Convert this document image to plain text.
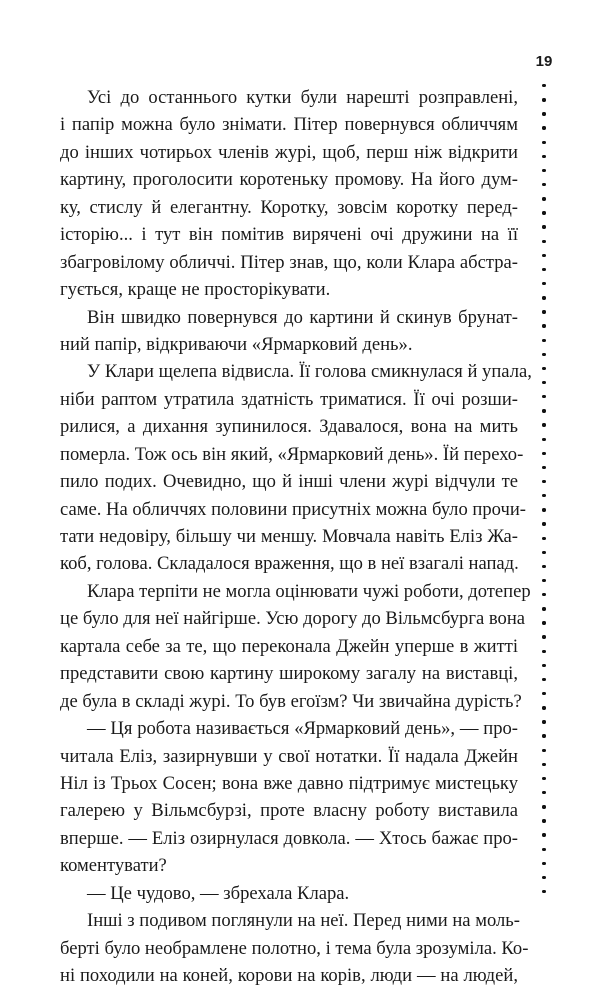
19
Усі до останнього кутки були нарешті розправлені,
і папір можна було знімати. Пітер повернувся обличчям
до інших чотирьох членів журі, щоб, перш ніж відкрити
картину, проголосити коротеньку промову. На його дум-
ку, стислу й елегантну. Коротку, зовсім коротку перед-
історію... і тут він помітив вирячені очі дружини на її
збагровілому обличчі. Пітер знав, що, коли Клара абстра-
гується, краще не просторікувати.
Він швидко повернувся до картини й скинув брунат-
ний папір, відкриваючи «Ярмарковий день».
У Клари щелепа відвисла. Її голова смикнулася й упала,
ніби раптом утратила здатність триматися. Її очі розши-
рилися, а дихання зупинилося. Здавалося, вона на мить
померла. Тож ось він який, «Ярмарковий день». Їй перехо-
пило подих. Очевидно, що й інші члени журі відчули те
саме. На обличчях половини присутніх можна було прочи-
тати недовіру, більшу чи меншу. Мовчала навіть Еліз Жа-
коб, голова. Складалося враження, що в неї взагалі напад.
Клара терпіти не могла оцінювати чужі роботи, дотепер
це було для неї найгірше. Усю дорогу до Вільмсбурга вона
картала себе за те, що переконала Джейн уперше в житті
представити свою картину широкому загалу на виставці,
де була в складі журі. То був егоїзм? Чи звичайна дурість?
— Ця робота називається «Ярмарковий день», — про-
читала Еліз, зазирнувши у свої нотатки. Її надала Джейн
Ніл із Трьох Сосен; вона вже давно підтримує мистецьку
галерею у Вільмсбурзі, проте власну роботу виставила
вперше. — Еліз озирнулася довкола. — Хтось бажає про-
коментувати?
— Це чудово, — збрехала Клара.
Інші з подивом поглянули на неї. Перед ними на моль-
берті було необрамлене полотно, і тема була зрозуміла. Ко-
ні походили на коней, корови на корів, люди — на людей,
